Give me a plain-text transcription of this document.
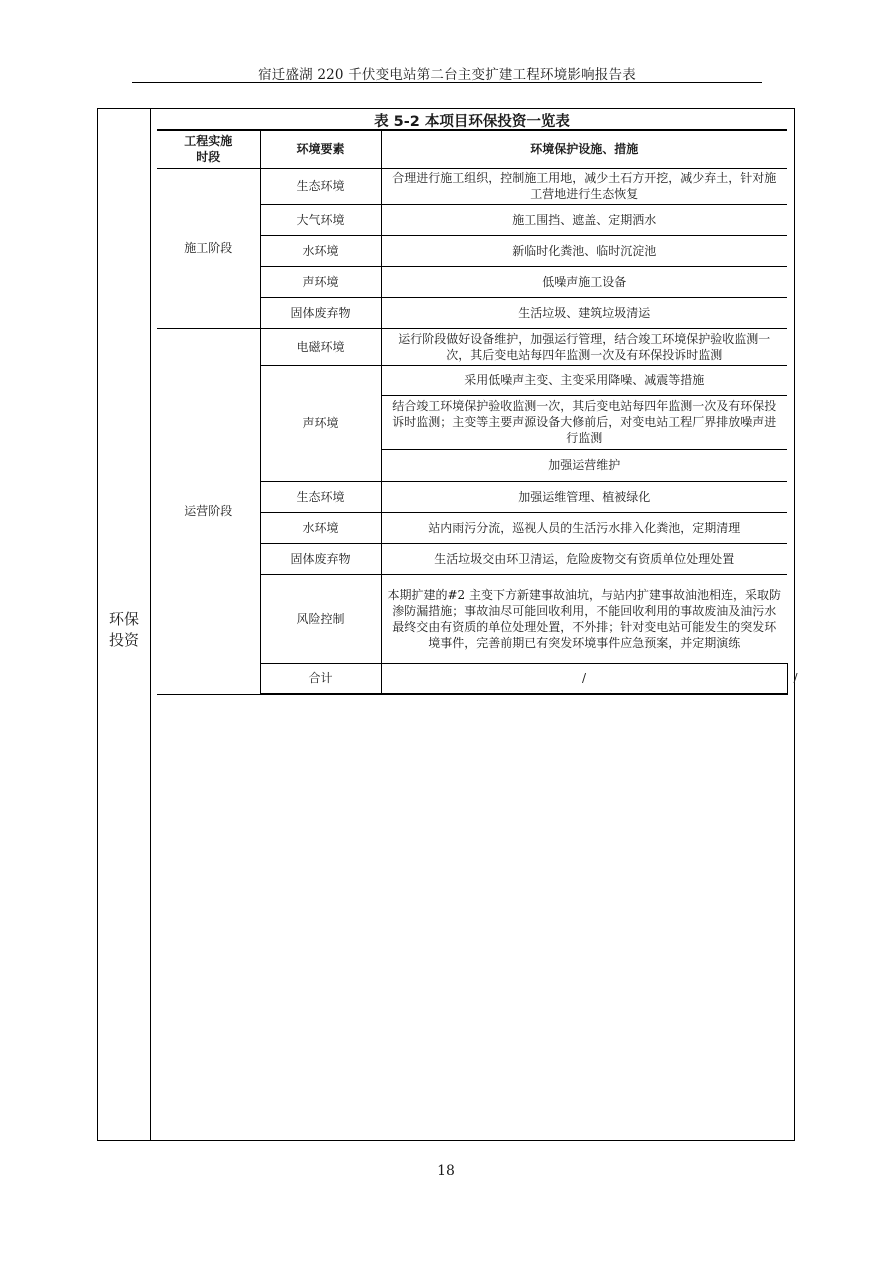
宿迁盛湖 220 千伏变电站第二台主变扩建工程环境影响报告表
环保
投资
表 5-2 本项目环保投资一览表
工程实施
时段	环境要素	环境保护设施、措施	
施工阶段	生态环境	合理进行施工组织，控制施工用地，减少土石方开挖，减少弃土，针对施工营地进行生态恢复	
	大气环境	施工围挡、遮盖、定期洒水	
	水环境	新临时化粪池、临时沉淀池	
	声环境	低噪声施工设备	
	固体废弃物	生活垃圾、建筑垃圾清运	
运营阶段	电磁环境	运行阶段做好设备维护，加强运行管理，结合竣工环境保护验收监测一次，其后变电站每四年监测一次及有环保投诉时监测	
	声环境	采用低噪声主变、主变采用降噪、减震等措施	
		结合竣工环境保护验收监测一次，其后变电站每四年监测一次及有环保投诉时监测；主变等主要声源设备大修前后，对变电站工程厂界排放噪声进行监测	
		加强运营维护	
	生态环境	加强运维管理、植被绿化	
	水环境	站内雨污分流，巡视人员的生活污水排入化粪池，定期清理	
	固体废弃物	生活垃圾交由环卫清运，危险废物交有资质单位处理处置	
	风险控制	本期扩建的#2 主变下方新建事故油坑，与站内扩建事故油池相连，采取防渗防漏措施；事故油尽可能回收利用，不能回收利用的事故废油及油污水最终交由有资质的单位处理处置，不外排；针对变电站可能发生的突发环境事件，完善前期已有突发环境事件应急预案，并定期演练	
	合计	/	/
18
